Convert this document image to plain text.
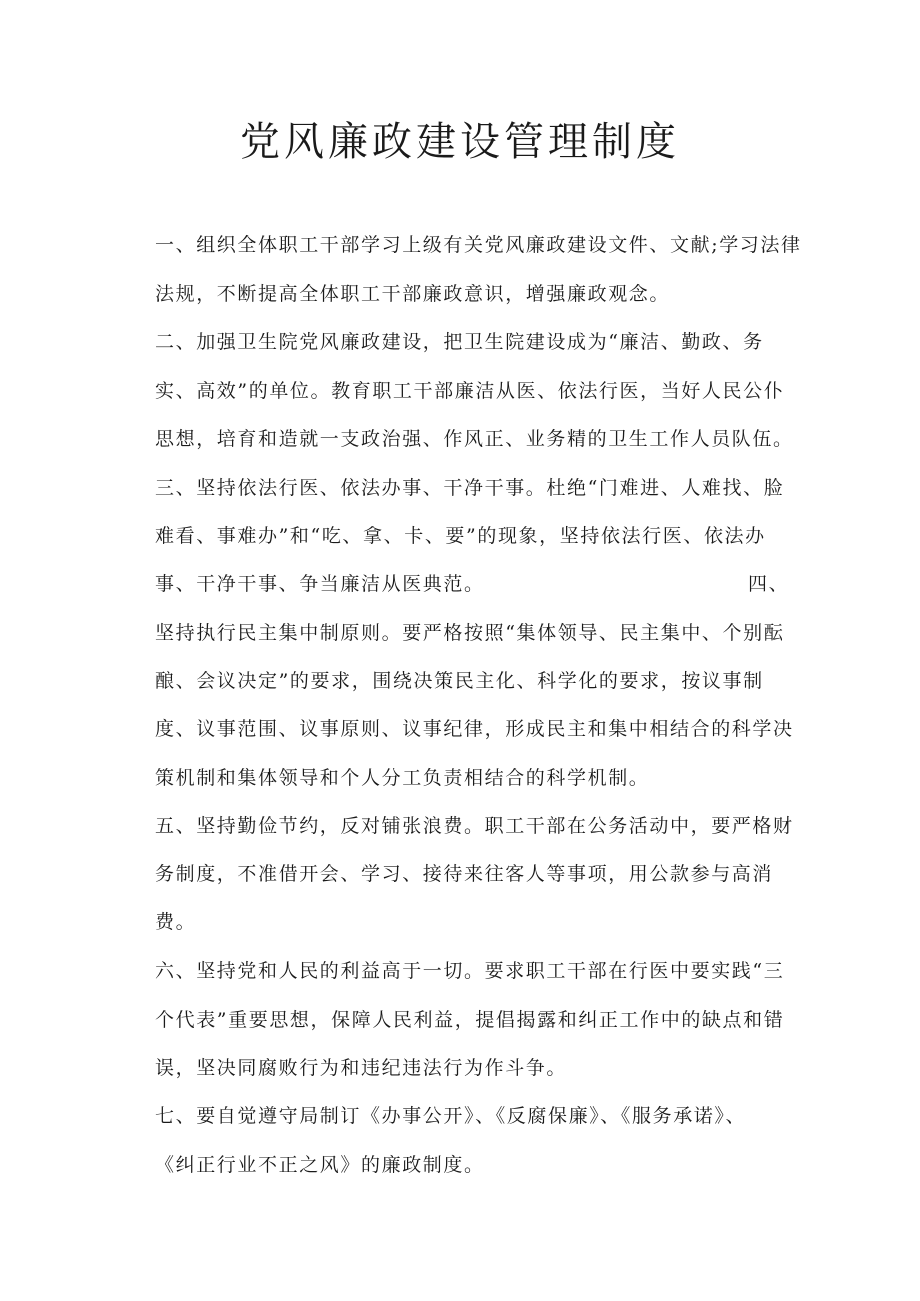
党风廉政建设管理制度

一、组织全体职工干部学习上级有关党风廉政建设文件、文献;学习法律

法规，不断提高全体职工干部廉政意识，增强廉政观念。

二、加强卫生院党风廉政建设，把卫生院建设成为“廉洁、勤政、务

实、高效”的单位。教育职工干部廉洁从医、依法行医，当好人民公仆

思想，培育和造就一支政治强、作风正、业务精的卫生工作人员队伍。

三、坚持依法行医、依法办事、干净干事。杜绝“门难进、人难找、脸

难看、事难办”和“吃、拿、卡、要”的现象，坚持依法行医、依法办

事、干净干事、争当廉洁从医典范。	四、

坚持执行民主集中制原则。要严格按照“集体领导、民主集中、个别酝

酿、会议决定”的要求，围绕决策民主化、科学化的要求，按议事制

度、议事范围、议事原则、议事纪律，形成民主和集中相结合的科学决

策机制和集体领导和个人分工负责相结合的科学机制。

五、坚持勤俭节约，反对铺张浪费。职工干部在公务活动中，要严格财

务制度，不准借开会、学习、接待来往客人等事项，用公款参与高消

费。

六、坚持党和人民的利益高于一切。要求职工干部在行医中要实践“三

个代表”重要思想，保障人民利益，提倡揭露和纠正工作中的缺点和错

误，坚决同腐败行为和违纪违法行为作斗争。

七、要自觉遵守局制订《办事公开》、《反腐保廉》、《服务承诺》、

《纠正行业不正之风》的廉政制度。
